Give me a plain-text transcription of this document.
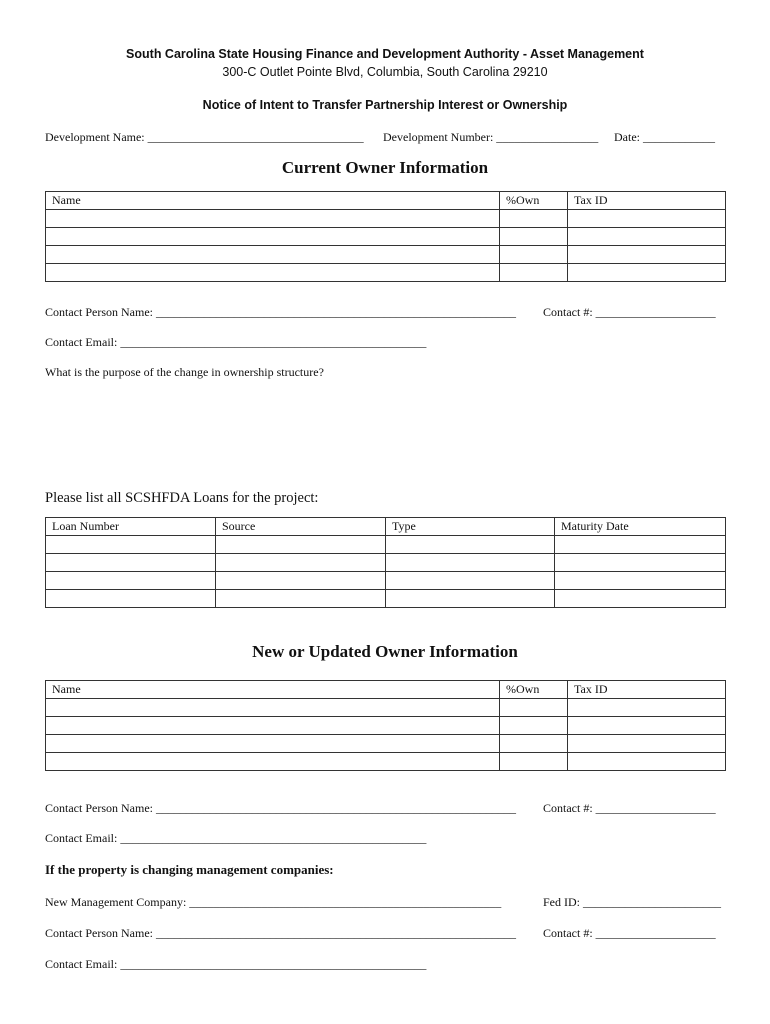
South Carolina State Housing Finance and Development Authority - Asset Management
300-C Outlet Pointe Blvd, Columbia, South Carolina 29210
Notice of Intent to Transfer Partnership Interest or Ownership
Development Name: ____________________________________ Development Number: _________________ Date: ____________
Current Owner Information
Name	%Own	Tax ID

Contact Person Name: ____________________________________________________________ Contact #: ____________________
Contact Email: ___________________________________________________
What is the purpose of the change in ownership structure?
Please list all SCSHFDA Loans for the project:
Loan Number	Source	Type	Maturity Date

New or Updated Owner Information
Name	%Own	Tax ID

Contact Person Name: ____________________________________________________________ Contact #: ____________________
Contact Email: ___________________________________________________
If the property is changing management companies:
New Management Company: ____________________________________________________	Fed ID: _______________________
Contact Person Name: ____________________________________________________________ Contact #: ____________________
Contact Email: ___________________________________________________
